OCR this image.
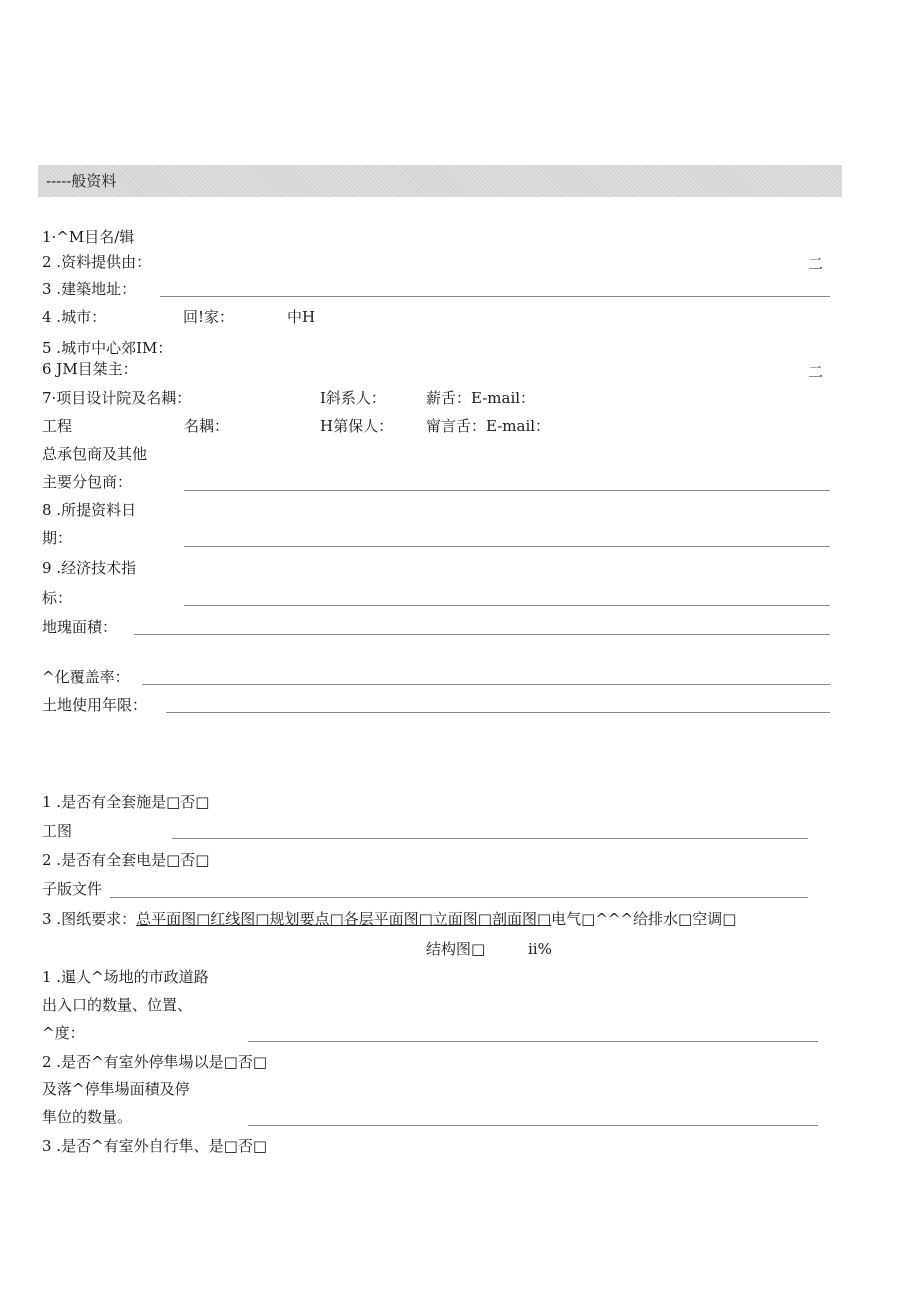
-----般资料
1·^M目名/辑
2 .资料提供由：	二
3 .建築地址：
4 .城市：	回!家：	中H
5 .城市中心郊IM：
6 JM目桀主：	二
7·项目设计院及名耦：	I斜系人：	薪舌：E-mail：
工程	名耦：	H第保人： 甯言舌：E-mail：
总承包商及其他
主要分包商：
8 .所提资料日
期：
9 .经济技术指
标：
地瑰面積：
^化覆盖率：
土地使用年限：
1 .是否有全套施是□否□
工图
2 .是否有全套电是□否□
子版文件
3 .图纸要求：总平面图□红线图□规划要点□各层平面图□立面图□剖面图□电气□^^^给排水□空调□
结构图□	ii%
1 .暹人^场地的市政道路
出入口的数量、位置、
^度：
2 .是否^有室外停隼場以是□否□
及落^停隼場面積及停
隼位的数量。
3 .是否^有室外自行隼、是□否□
